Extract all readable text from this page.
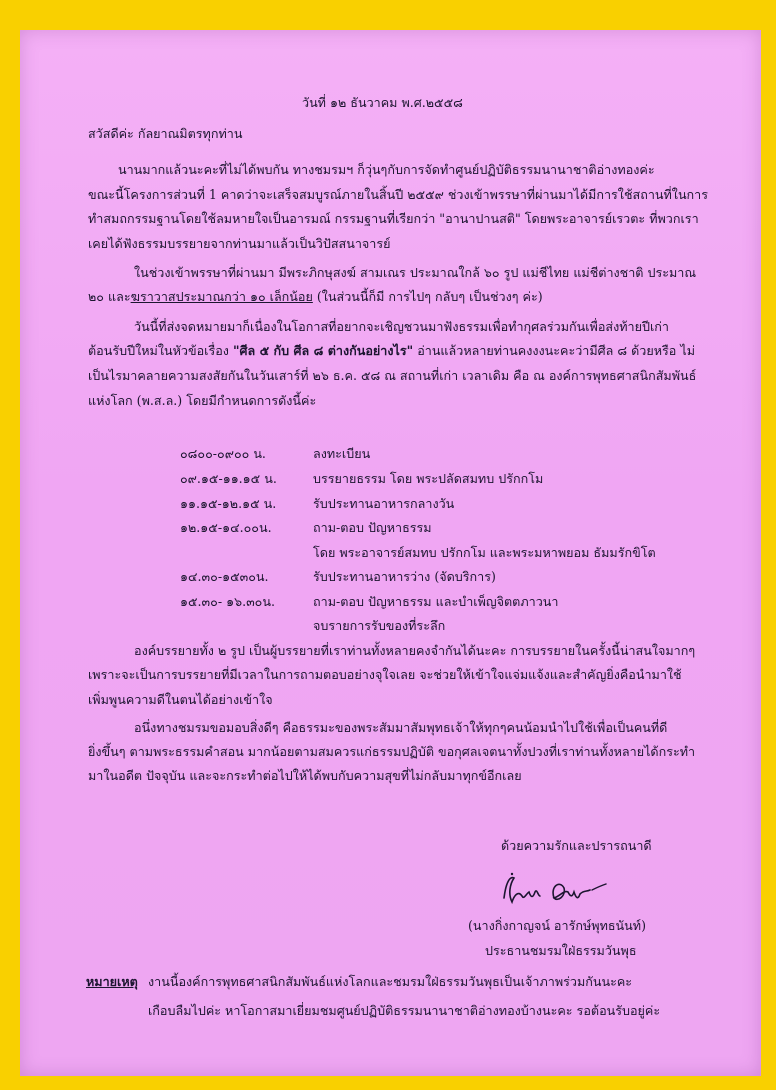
วันที่ ๑๒ ธันวาคม พ.ศ.๒๕๕๘
สวัสดีค่ะ กัลยาณมิตรทุกท่าน
นานมากแล้วนะคะที่ไม่ได้พบกัน ทางชมรมฯ ก็วุ่นๆกับการจัดทำศูนย์ปฏิบัติธรรมนานาชาติอ่างทองค่ะ
ขณะนี้โครงการส่วนที่ 1 คาดว่าจะเสร็จสมบูรณ์ภายในสิ้นปี ๒๕๕๙ ช่วงเข้าพรรษาที่ผ่านมาได้มีการใช้สถานที่ในการ
ทำสมถกรรมฐานโดยใช้ลมหายใจเป็นอารมณ์ กรรมฐานที่เรียกว่า "อานาปานสติ" โดยพระอาจารย์เรวตะ ที่พวกเรา
เคยได้ฟังธรรมบรรยายจากท่านมาแล้วเป็นวิปัสสนาจารย์
ในช่วงเข้าพรรษาที่ผ่านมา มีพระภิกษุสงฆ์ สามเณร ประมาณใกล้ ๖๐ รูป แม่ชีไทย แม่ชีต่างชาติ ประมาณ
๒๐ และฆราวาสประมาณกว่า ๑๐ เล็กน้อย (ในส่วนนี้ก็มี การไปๆ กลับๆ เป็นช่วงๆ ค่ะ)
วันนี้ที่ส่งจดหมายมาก็เนื่องในโอกาสที่อยากจะเชิญชวนมาฟังธรรมเพื่อทำกุศลร่วมกันเพื่อส่งท้ายปีเก่า
ต้อนรับปีใหม่ในหัวข้อเรื่อง "ศีล ๕ กับ ศีล ๘ ต่างกันอย่างไร" อ่านแล้วหลายท่านคงงงนะคะว่ามีศีล ๘ ด้วยหรือ ไม่
เป็นไรมาคลายความสงสัยกันในวันเสาร์ที่ ๒๖ ธ.ค. ๕๘ ณ สถานที่เก่า เวลาเดิม คือ ณ องค์การพุทธศาสนิกสัมพันธ์
แห่งโลก (พ.ส.ล.) โดยมีกำหนดการดังนี้ค่ะ
๐๘๐๐-๐๙๐๐ น.	ลงทะเบียน
๐๙.๑๕-๑๑.๑๕ น.	บรรยายธรรม โดย พระปลัดสมทบ ปรักกโม
๑๑.๑๕-๑๒.๑๕ น.	รับประทานอาหารกลางวัน
๑๒.๑๕-๑๔.๐๐น.	ถาม-ตอบ ปัญหาธรรม
โดย พระอาจารย์สมทบ ปรักกโม และพระมหาพยอม ธัมมรักขิโต
๑๔.๓๐-๑๕๓๐น.	รับประทานอาหารว่าง (จัดบริการ)
๑๕.๓๐- ๑๖.๓๐น.	ถาม-ตอบ ปัญหาธรรม และบำเพ็ญจิตตภาวนา
จบรายการรับของที่ระลึก
องค์บรรยายทั้ง ๒ รูป เป็นผู้บรรยายที่เราท่านทั้งหลายคงจำกันได้นะคะ การบรรยายในครั้งนี้น่าสนใจมากๆ
เพราะจะเป็นการบรรยายที่มีเวลาในการถามตอบอย่างจุใจเลย จะช่วยให้เข้าใจแจ่มแจ้งและสำคัญยิ่งคือนำมาใช้
เพิ่มพูนความดีในตนได้อย่างเข้าใจ
อนึ่งทางชมรมขอมอบสิ่งดีๆ คือธรรมะของพระสัมมาสัมพุทธเจ้าให้ทุกๆคนน้อมนำไปใช้เพื่อเป็นคนที่ดี
ยิ่งขึ้นๆ ตามพระธรรมคำสอน มากน้อยตามสมควรแก่ธรรมปฏิบัติ ขอกุศลเจตนาทั้งปวงที่เราท่านทั้งหลายได้กระทำ
มาในอดีต ปัจจุบัน และจะกระทำต่อไปให้ได้พบกับความสุขที่ไม่กลับมาทุกข์อีกเลย
ด้วยความรักและปรารถนาดี
(นางกิ่งกาญจน์ อารักษ์พุทธนันท์)
ประธานชมรมใฝ่ธรรมวันพุธ
หมายเหตุ งานนี้องค์การพุทธศาสนิกสัมพันธ์แห่งโลกและชมรมใฝ่ธรรมวันพุธเป็นเจ้าภาพร่วมกันนะคะ
เกือบลืมไปค่ะ หาโอกาสมาเยี่ยมชมศูนย์ปฏิบัติธรรมนานาชาติอ่างทองบ้างนะคะ รอต้อนรับอยู่ค่ะ
